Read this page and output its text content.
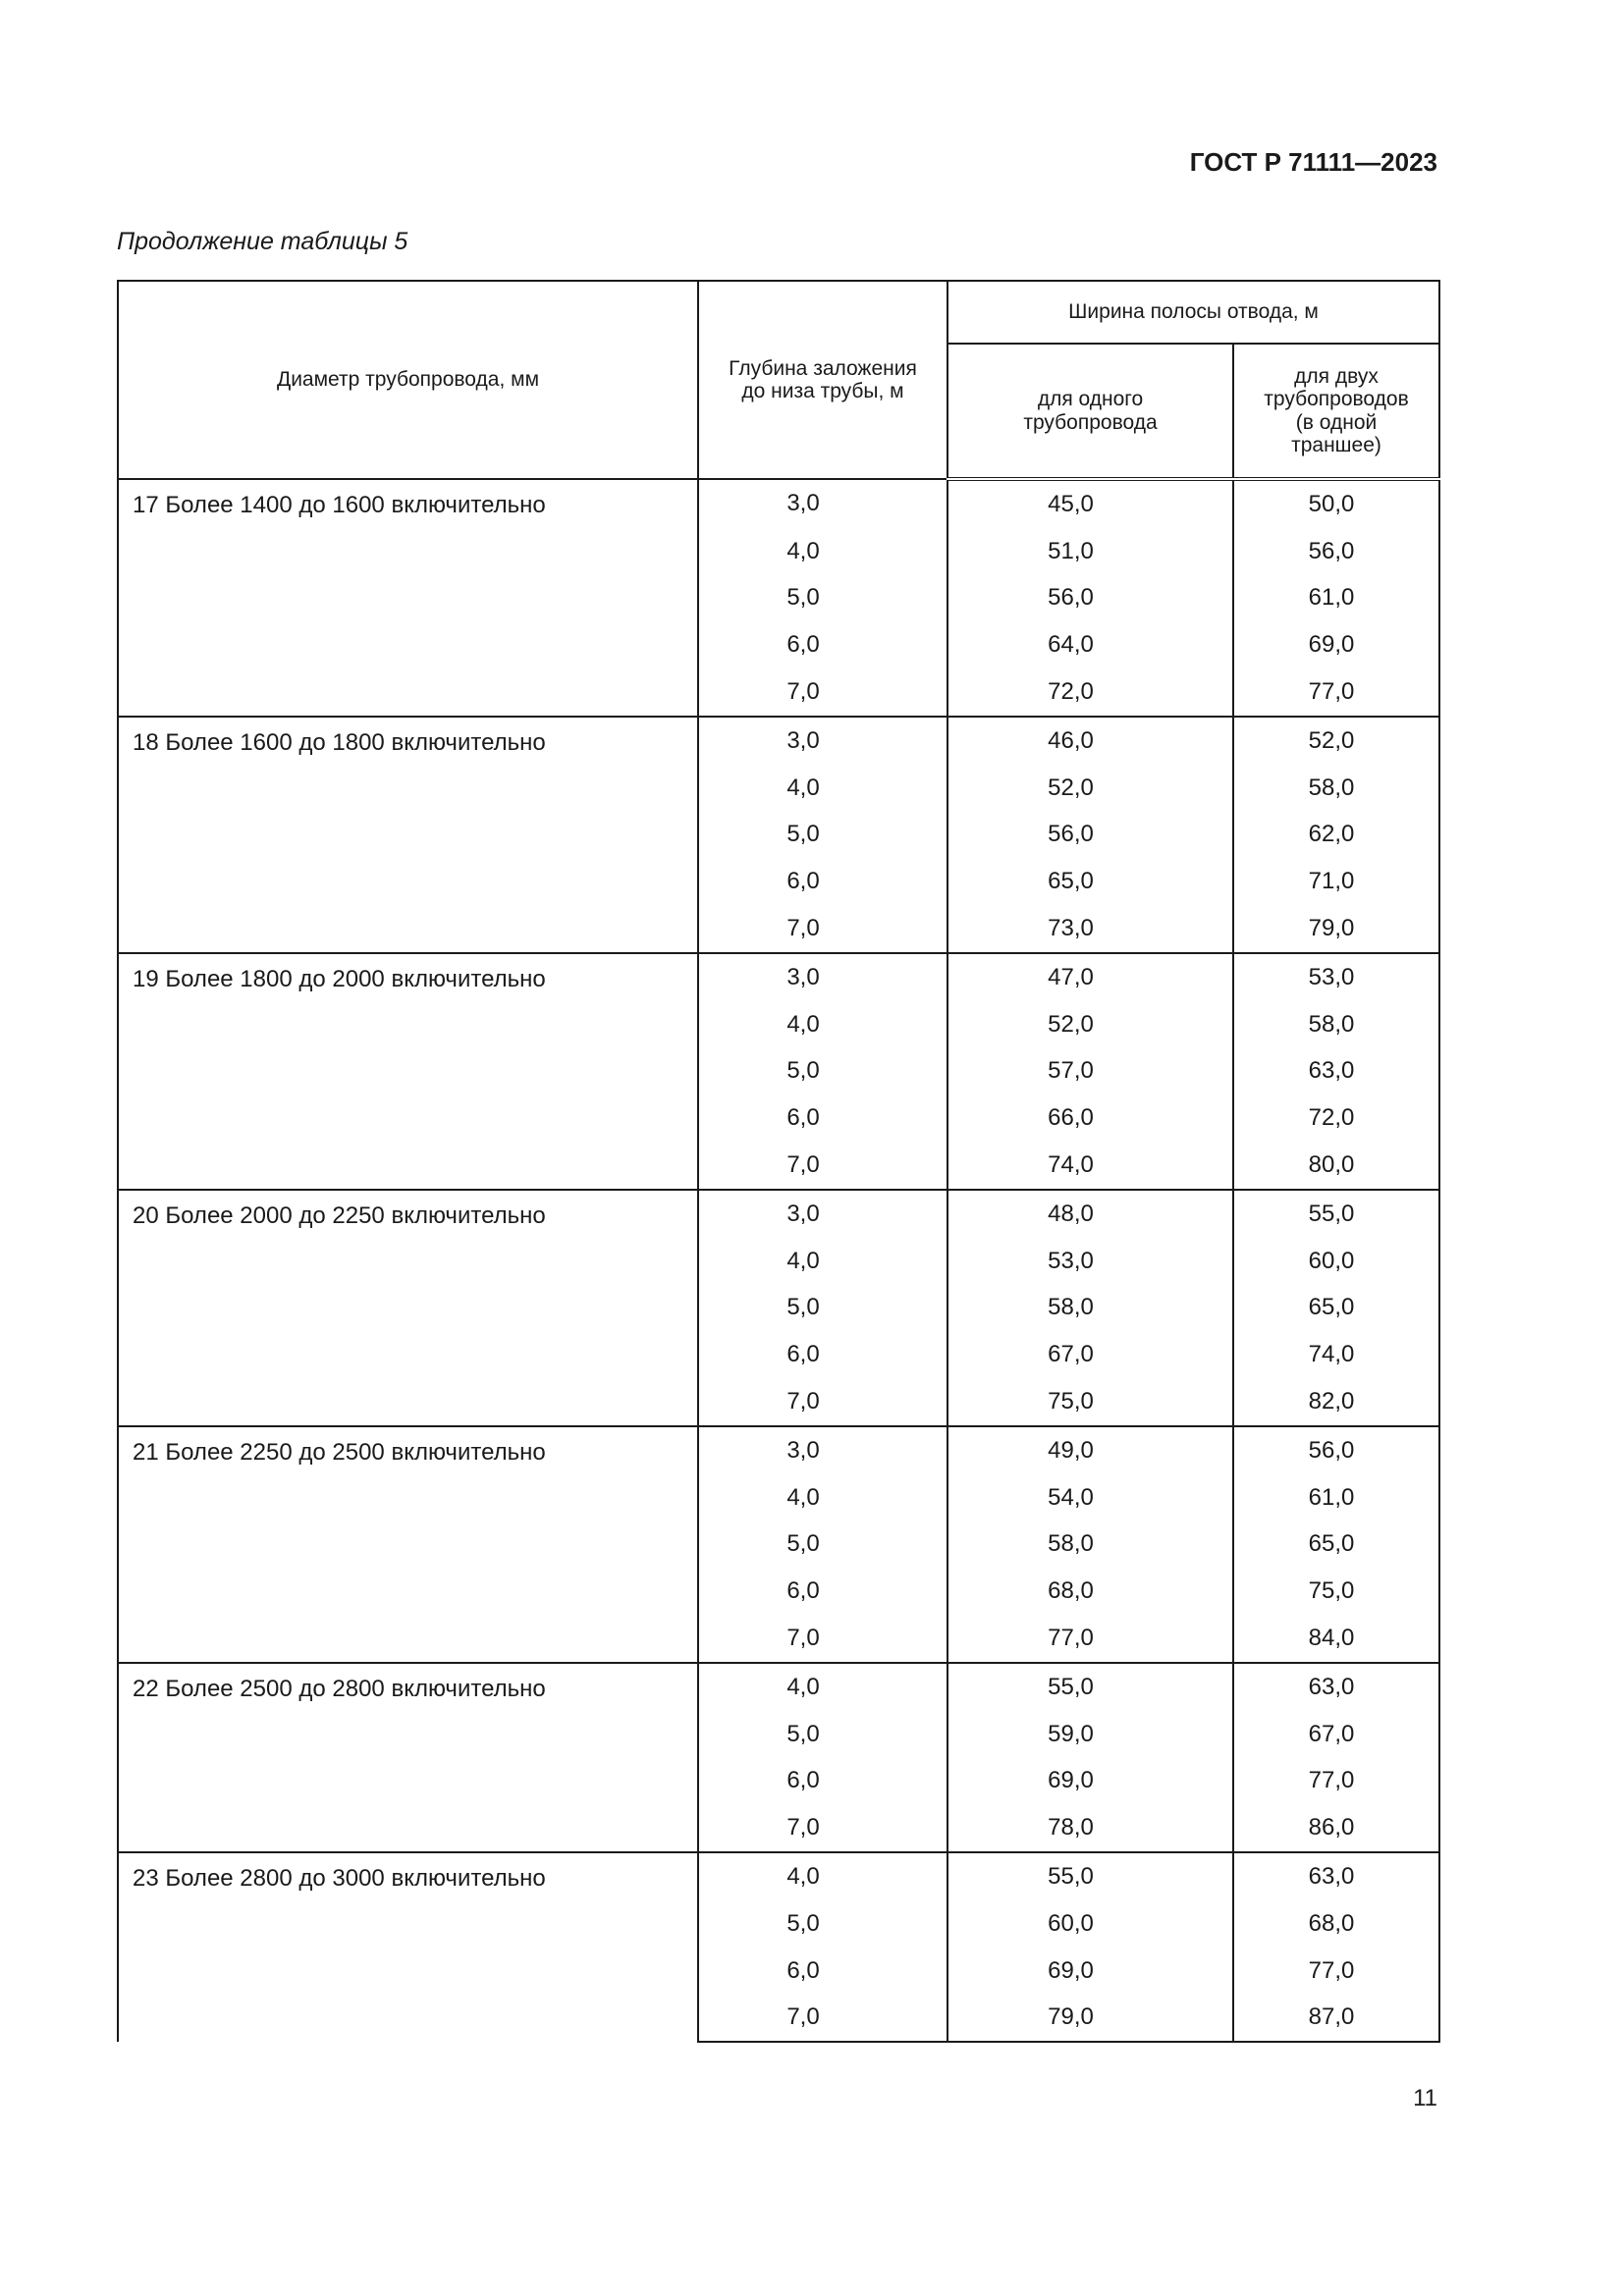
ГОСТ Р 71111—2023
Продолжение таблицы 5
Диаметр трубопровода, мм	Глубина заложения до низа трубы, м	Ширина полосы отвода, м	
		для одного трубопровода	для двух трубопроводов (в одной траншее)
17 Более 1400 до 1600 включительно	3,0	45,0	50,0
	4,0	51,0	56,0
	5,0	56,0	61,0
	6,0	64,0	69,0
	7,0	72,0	77,0
18 Более 1600 до 1800 включительно	3,0	46,0	52,0
	4,0	52,0	58,0
	5,0	56,0	62,0
	6,0	65,0	71,0
	7,0	73,0	79,0
19 Более 1800 до 2000 включительно	3,0	47,0	53,0
	4,0	52,0	58,0
	5,0	57,0	63,0
	6,0	66,0	72,0
	7,0	74,0	80,0
20 Более 2000 до 2250 включительно	3,0	48,0	55,0
	4,0	53,0	60,0
	5,0	58,0	65,0
	6,0	67,0	74,0
	7,0	75,0	82,0
21 Более 2250 до 2500 включительно	3,0	49,0	56,0
	4,0	54,0	61,0
	5,0	58,0	65,0
	6,0	68,0	75,0
	7,0	77,0	84,0
22 Более 2500 до 2800 включительно	4,0	55,0	63,0
	5,0	59,0	67,0
	6,0	69,0	77,0
	7,0	78,0	86,0
23 Более 2800 до 3000 включительно	4,0	55,0	63,0
	5,0	60,0	68,0
	6,0	69,0	77,0
	7,0	79,0	87,0
11
